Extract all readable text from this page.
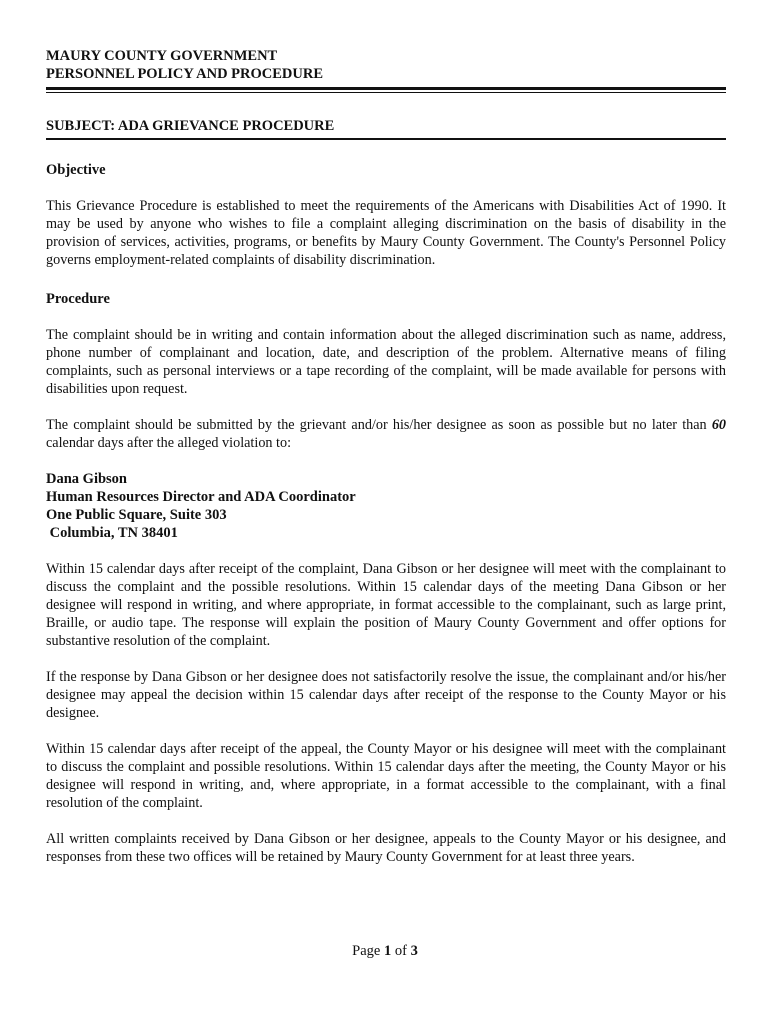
MAURY COUNTY GOVERNMENT
PERSONNEL POLICY AND PROCEDURE
SUBJECT: ADA GRIEVANCE PROCEDURE
Objective

This Grievance Procedure is established to meet the requirements of the Americans with Disabilities Act of 1990. It may be used by anyone who wishes to file a complaint alleging discrimination on the basis of disability in the provision of services, activities, programs, or benefits by Maury County Government. The County's Personnel Policy governs employment-related complaints of disability discrimination.

Procedure

The complaint should be in writing and contain information about the alleged discrimination such as name, address, phone number of complainant and location, date, and description of the problem. Alternative means of filing complaints, such as personal interviews or a tape recording of the complaint, will be made available for persons with disabilities upon request.

The complaint should be submitted by the grievant and/or his/her designee as soon as possible but no later than 60 calendar days after the alleged violation to:

Dana Gibson
Human Resources Director and ADA Coordinator
One Public Square, Suite 303
Columbia, TN 38401

Within 15 calendar days after receipt of the complaint, Dana Gibson or her designee will meet with the complainant to discuss the complaint and the possible resolutions. Within 15 calendar days of the meeting Dana Gibson or her designee will respond in writing, and where appropriate, in format accessible to the complainant, such as large print, Braille, or audio tape. The response will explain the position of Maury County Government and offer options for substantive resolution of the complaint.

If the response by Dana Gibson or her designee does not satisfactorily resolve the issue, the complainant and/or his/her designee may appeal the decision within 15 calendar days after receipt of the response to the County Mayor or his designee.

Within 15 calendar days after receipt of the appeal, the County Mayor or his designee will meet with the complainant to discuss the complaint and possible resolutions. Within 15 calendar days after the meeting, the County Mayor or his designee will respond in writing, and, where appropriate, in a format accessible to the complainant, with a final resolution of the complaint.

All written complaints received by Dana Gibson or her designee, appeals to the County Mayor or his designee, and responses from these two offices will be retained by Maury County Government for at least three years.

Page 1 of 3
